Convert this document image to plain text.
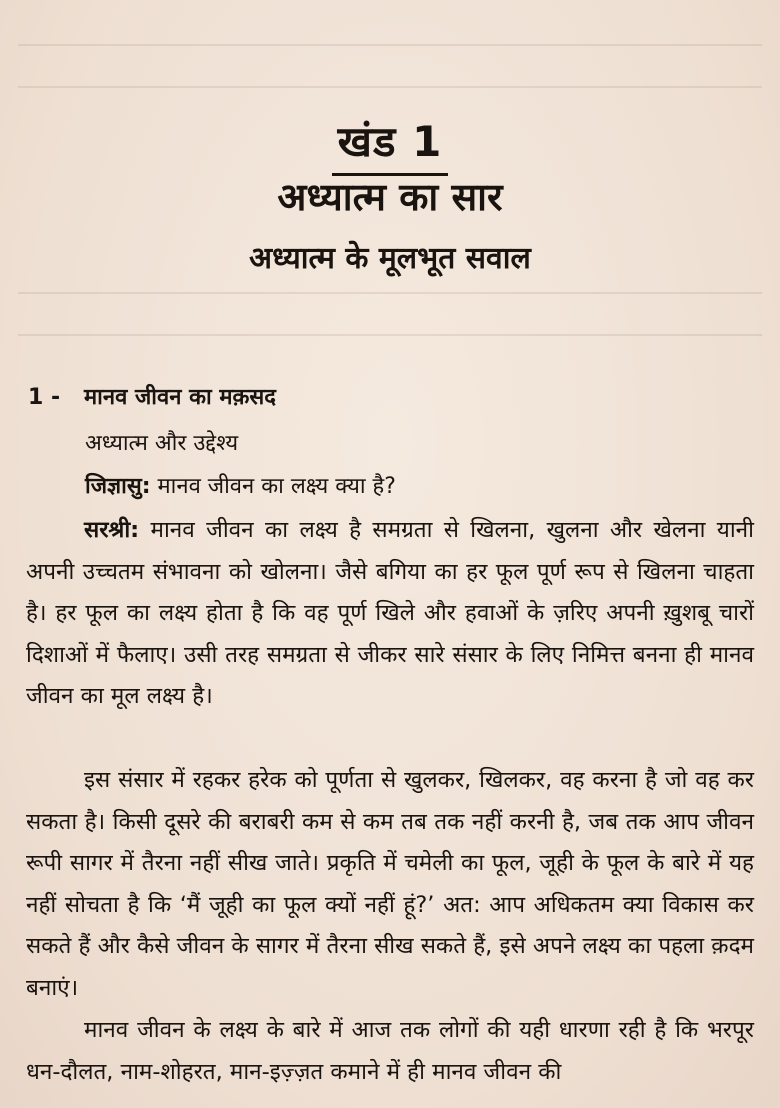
खंड 1
अध्यात्म का सार
अध्यात्म के मूलभूत सवाल
1 - मानव जीवन का मक़सद
अध्यात्म और उद्देश्य
जिज्ञासु: मानव जीवन का लक्ष्य क्या है?
सरश्री: मानव जीवन का लक्ष्य है समग्रता से खिलना, खुलना और खेलना यानी अपनी उच्चतम संभावना को खोलना। जैसे बगिया का हर फूल पूर्ण रूप से खिलना चाहता है। हर फूल का लक्ष्य होता है कि वह पूर्ण खिले और हवाओं के ज़रिए अपनी ख़ुशबू चारों दिशाओं में फैलाए। उसी तरह समग्रता से जीकर सारे संसार के लिए निमित्त बनना ही मानव जीवन का मूल लक्ष्य है।
इस संसार में रहकर हरेक को पूर्णता से खुलकर, खिलकर, वह करना है जो वह कर सकता है। किसी दूसरे की बराबरी कम से कम तब तक नहीं करनी है, जब तक आप जीवन रूपी सागर में तैरना नहीं सीख जाते। प्रकृति में चमेली का फूल, जूही के फूल के बारे में यह नहीं सोचता है कि ‘मैं जूही का फूल क्यों नहीं हूं?’ अत: आप अधिकतम क्या विकास कर सकते हैं और कैसे जीवन के सागर में तैरना सीख सकते हैं, इसे अपने लक्ष्य का पहला क़दम बनाएं।
मानव जीवन के लक्ष्य के बारे में आज तक लोगों की यही धारणा रही है कि भरपूर धन-दौलत, नाम-शोहरत, मान-इज़्ज़त कमाने में ही मानव जीवन की
